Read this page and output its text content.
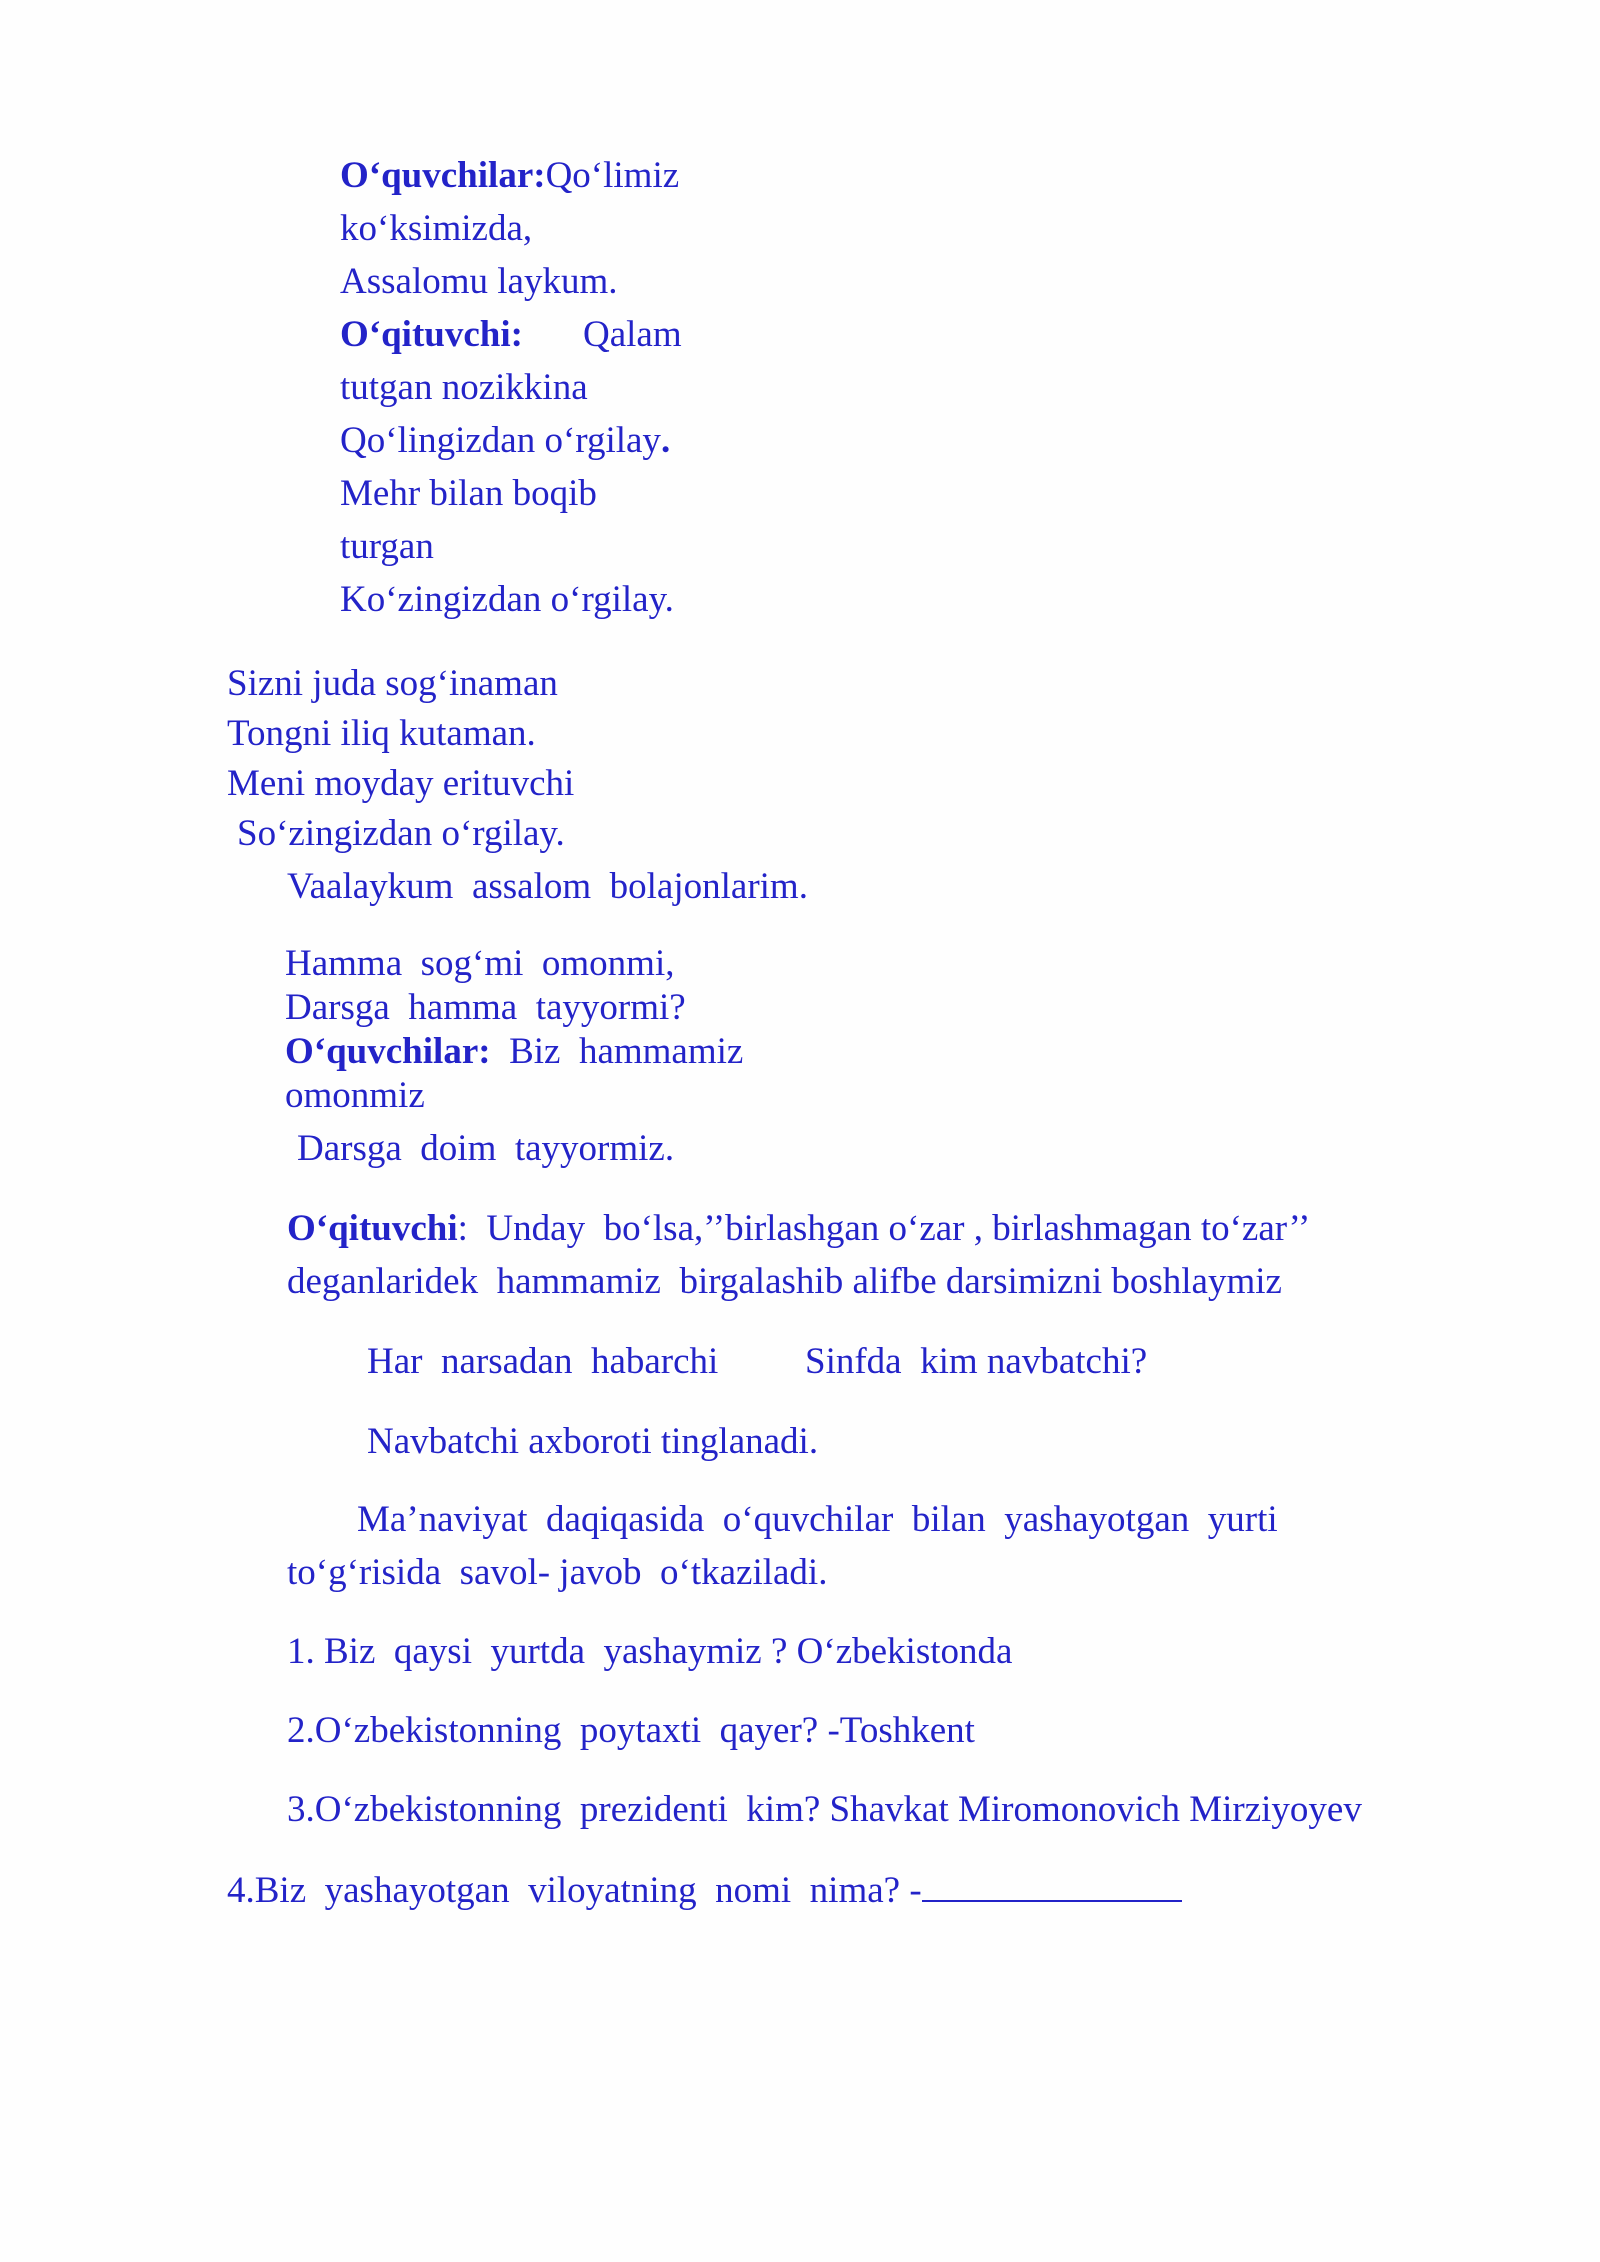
O‘quvchilar:Qo‘limiz
ko‘ksimizda,
Assalomu laykum.
O‘qituvchi: Qalam
tutgan nozikkina
Qo‘lingizdan o‘rgilay.
Mehr bilan boqib
turgan
Ko‘zingizdan o‘rgilay.
Sizni juda sog‘inaman
Tongni iliq kutaman.
Meni moyday erituvchi
So‘zingizdan o‘rgilay.
Vaalaykum  assalom  bolajonlarim.
Hamma  sog‘mi  omonmi,
Darsga  hamma  tayyormi?
O‘quvchilar:  Biz  hammamiz
omonmiz
Darsga  doim  tayyormiz.
O‘qituvchi:  Unday  bo‘lsa,’’birlashgan o‘zar , birlashmagan to‘zar’’
deganlaridek  hammamiz  birgalashib alifbe darsimizni boshlaymiz
Har  narsadan  habarchi Sinfda  kim navbatchi?
Navbatchi axboroti tinglanadi.
Ma’naviyat  daqiqasida  o‘quvchilar  bilan  yashayotgan  yurti
to‘g‘risida  savol- javob  o‘tkaziladi.
1. Biz  qaysi  yurtda  yashaymiz ? O‘zbekistonda
2.O‘zbekistonning  poytaxti  qayer? -Toshkent
3.O‘zbekistonning  prezidenti  kim? Shavkat Miromonovich Mirziyoyev
4.Biz  yashayotgan  viloyatning  nomi  nima? -
